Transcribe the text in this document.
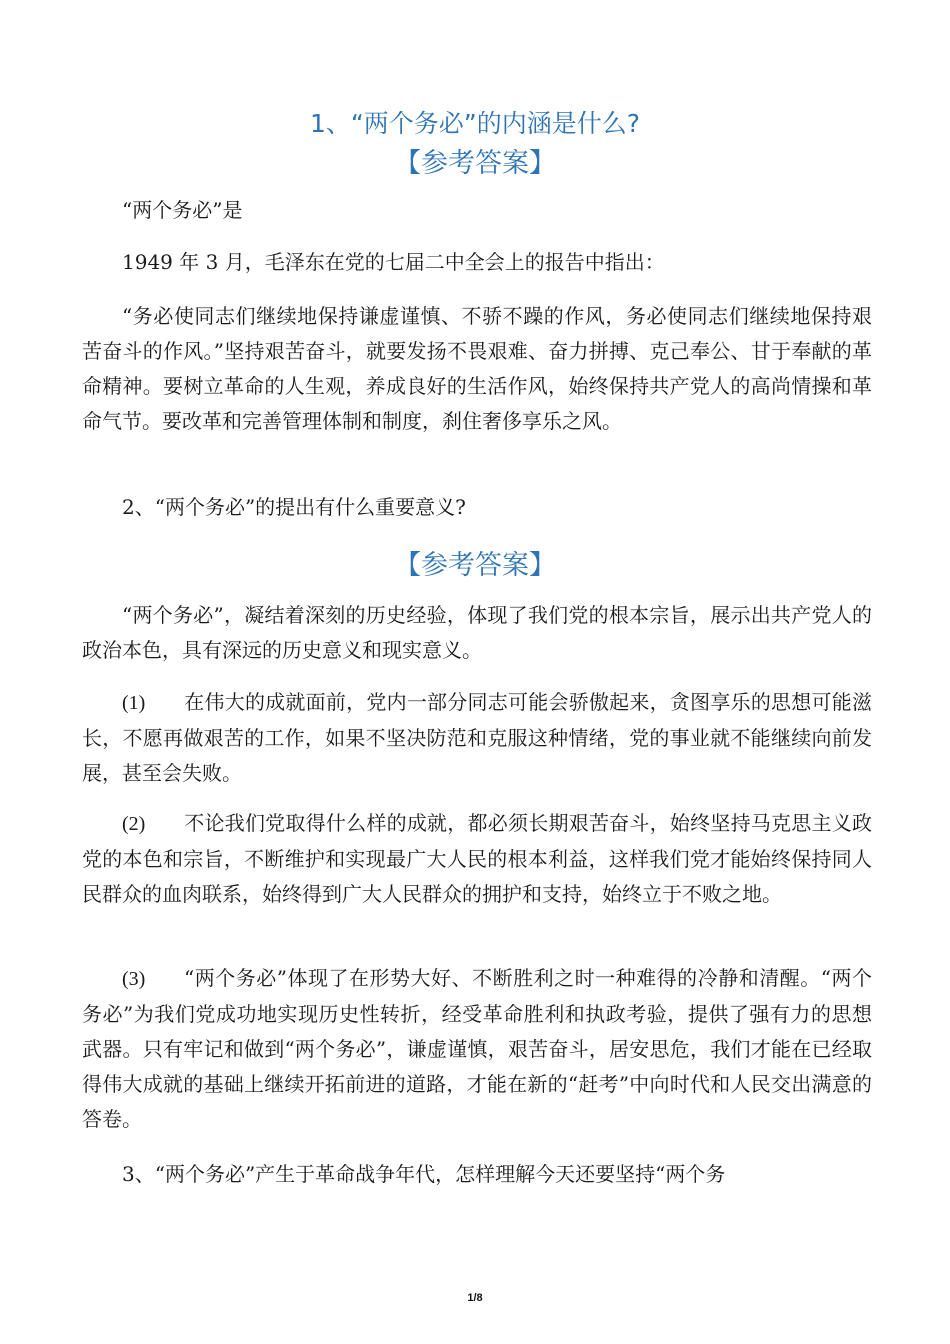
1、“两个务必”的内涵是什么?
【参考答案】

“两个务必”是

1949 年 3 月，毛泽东在党的七届二中全会上的报告中指出：

“务必使同志们继续地保持谦虚谨慎、不骄不躁的作风，务必使同志们继续地保持艰苦奋斗的作风。”坚持艰苦奋斗，就要发扬不畏艰难、奋力拼搏、克己奉公、甘于奉献的革命精神。要树立革命的人生观，养成良好的生活作风，始终保持共产党人的高尚情操和革命气节。要改革和完善管理体制和制度，刹住奢侈享乐之风。

2、“两个务必”的提出有什么重要意义?

【参考答案】

“两个务必”，凝结着深刻的历史经验，体现了我们党的根本宗旨，展示出共产党人的政治本色，具有深远的历史意义和现实意义。

(1) 在伟大的成就面前，党内一部分同志可能会骄傲起来，贪图享乐的思想可能滋长，不愿再做艰苦的工作，如果不坚决防范和克服这种情绪，党的事业就不能继续向前发展，甚至会失败。

(2) 不论我们党取得什么样的成就，都必须长期艰苦奋斗，始终坚持马克思主义政党的本色和宗旨，不断维护和实现最广大人民的根本利益，这样我们党才能始终保持同人民群众的血肉联系，始终得到广大人民群众的拥护和支持，始终立于不败之地。

(3) “两个务必”体现了在形势大好、不断胜利之时一种难得的冷静和清醒。“两个务必”为我们党成功地实现历史性转折，经受革命胜利和执政考验，提供了强有力的思想武器。只有牢记和做到“两个务必”，谦虚谨慎，艰苦奋斗，居安思危，我们才能在已经取得伟大成就的基础上继续开拓前进的道路，才能在新的“赶考”中向时代和人民交出满意的答卷。

3、“两个务必”产生于革命战争年代，怎样理解今天还要坚持“两个务

1/8
